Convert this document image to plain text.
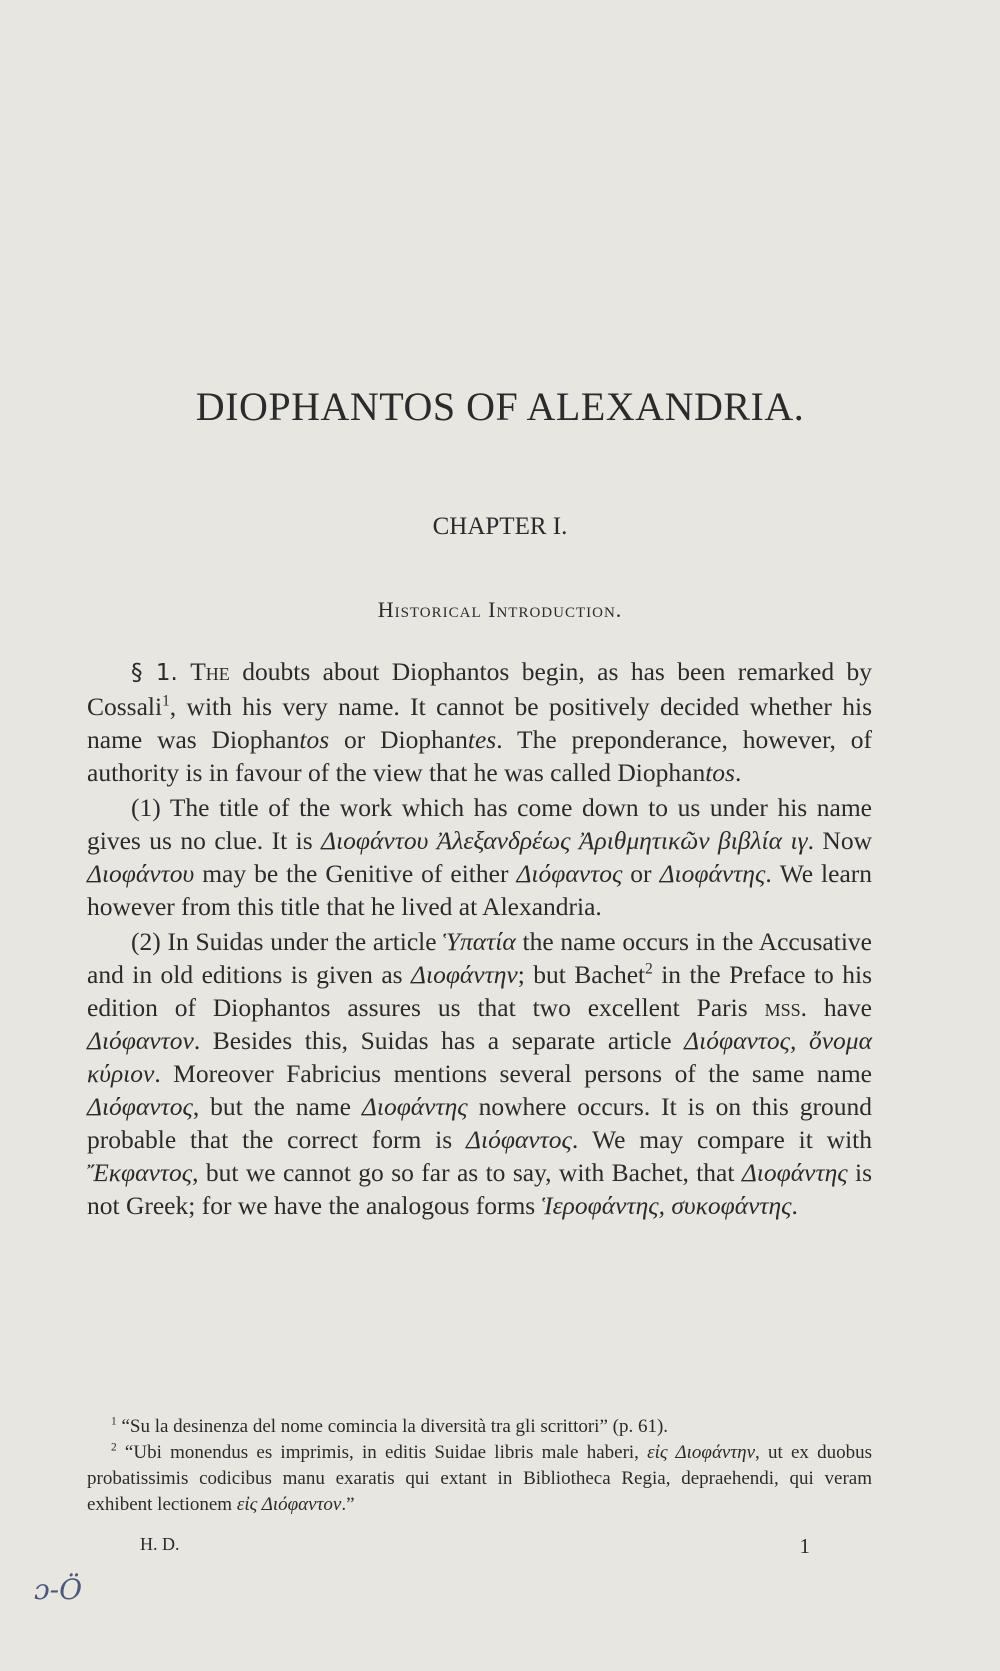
DIOPHANTOS OF ALEXANDRIA.
CHAPTER I.
Historical Introduction.

§ 1. The doubts about Diophantos begin, as has been remarked by Cossali$^1$, with his very name. It cannot be positively decided whether his name was Diophantos or Diophantes. The preponderance, however, of authority is in favour of the view that he was called Diophantos.

(1) The title of the work which has come down to us under his name gives us no clue. It is Διοφάντου Ἀλεξανδρέως Ἀριθμητικῶν βιβλία ιγ. Now Διοφάντου may be the Genitive of either Διόφαντος or Διοφάντης. We learn however from this title that he lived at Alexandria.

(2) In Suidas under the article Ὑπατία the name occurs in the Accusative and in old editions is given as Διοφάντην; but Bachet$^2$ in the Preface to his edition of Diophantos assures us that two excellent Paris mss. have Διόφαντον. Besides this, Suidas has a separate article Διόφαντος, ὄνομα κύριον. Moreover Fabricius mentions several persons of the same name Διόφαντος, but the name Διοφάντης nowhere occurs. It is on this ground probable that the correct form is Διόφαντος. We may compare it with Ἔκφαντος, but we cannot go so far as to say, with Bachet, that Διοφάντης is not Greek; for we have the analogous forms Ἱεροφάντης, συκοφάντης.

$^1$ “Su la desinenza del nome comincia la diversità tra gli scrittori” (p. 61).

$^2$ “Ubi monendus es imprimis, in editis Suidae libris male haberi, εἰς Διοφάντην, ut ex duobus probatissimis codicibus manu exaratis qui extant in Bibliotheca Regia, depraehendi, qui veram exhibent lectionem εἰς Διόφαντον.”

H. D.	1
ɔ-Ö
